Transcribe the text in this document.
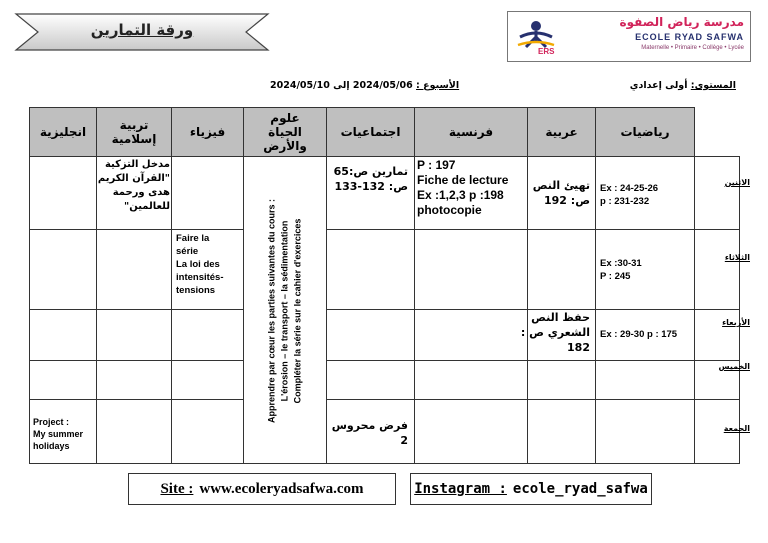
ورقة التمارين
ERS
مدرسة رياض الصفوة
ECOLE RYAD SAFWA
Maternelle • Primaire • Collège • Lycée
المستوى: أولى إعدادي
الأسبوع : 2024/05/06 إلى 2024/05/10
رياضيات
عربية
فرنسية
اجتماعيات
علوم الحياة والأرض
فيزياء
تربية إسلامية
انجليزية
الاثنين
الثلاثاء
الأربعاء
الخميس
الجمعة
Ex : 24-25-26
p : 231-232
تهيئ النص
ص: 192
P : 197
Fiche de lecture
Ex :1,2,3 p :198
photocopie
تمارين ص:65
ص: 132-133
مدخل التزكية
"القرآن الكريم
هدى ورحمة
للعالمين"
Ex :30-31
P : 245
Faire la
série
La loi des
intensités-
tensions
Ex : 29-30 p : 175
حفظ النص
الشعري ص :
182
فرض محروس
2
Project :
My summer
holidays
Apprendre par cœur les parties suivantes du cours : L'érosion – le transport – la sédimentation Compléter la série sur le cahier d'exercices
Site : www.ecoleryadsafwa.com	Instagram : ecole_ryad_safwa
